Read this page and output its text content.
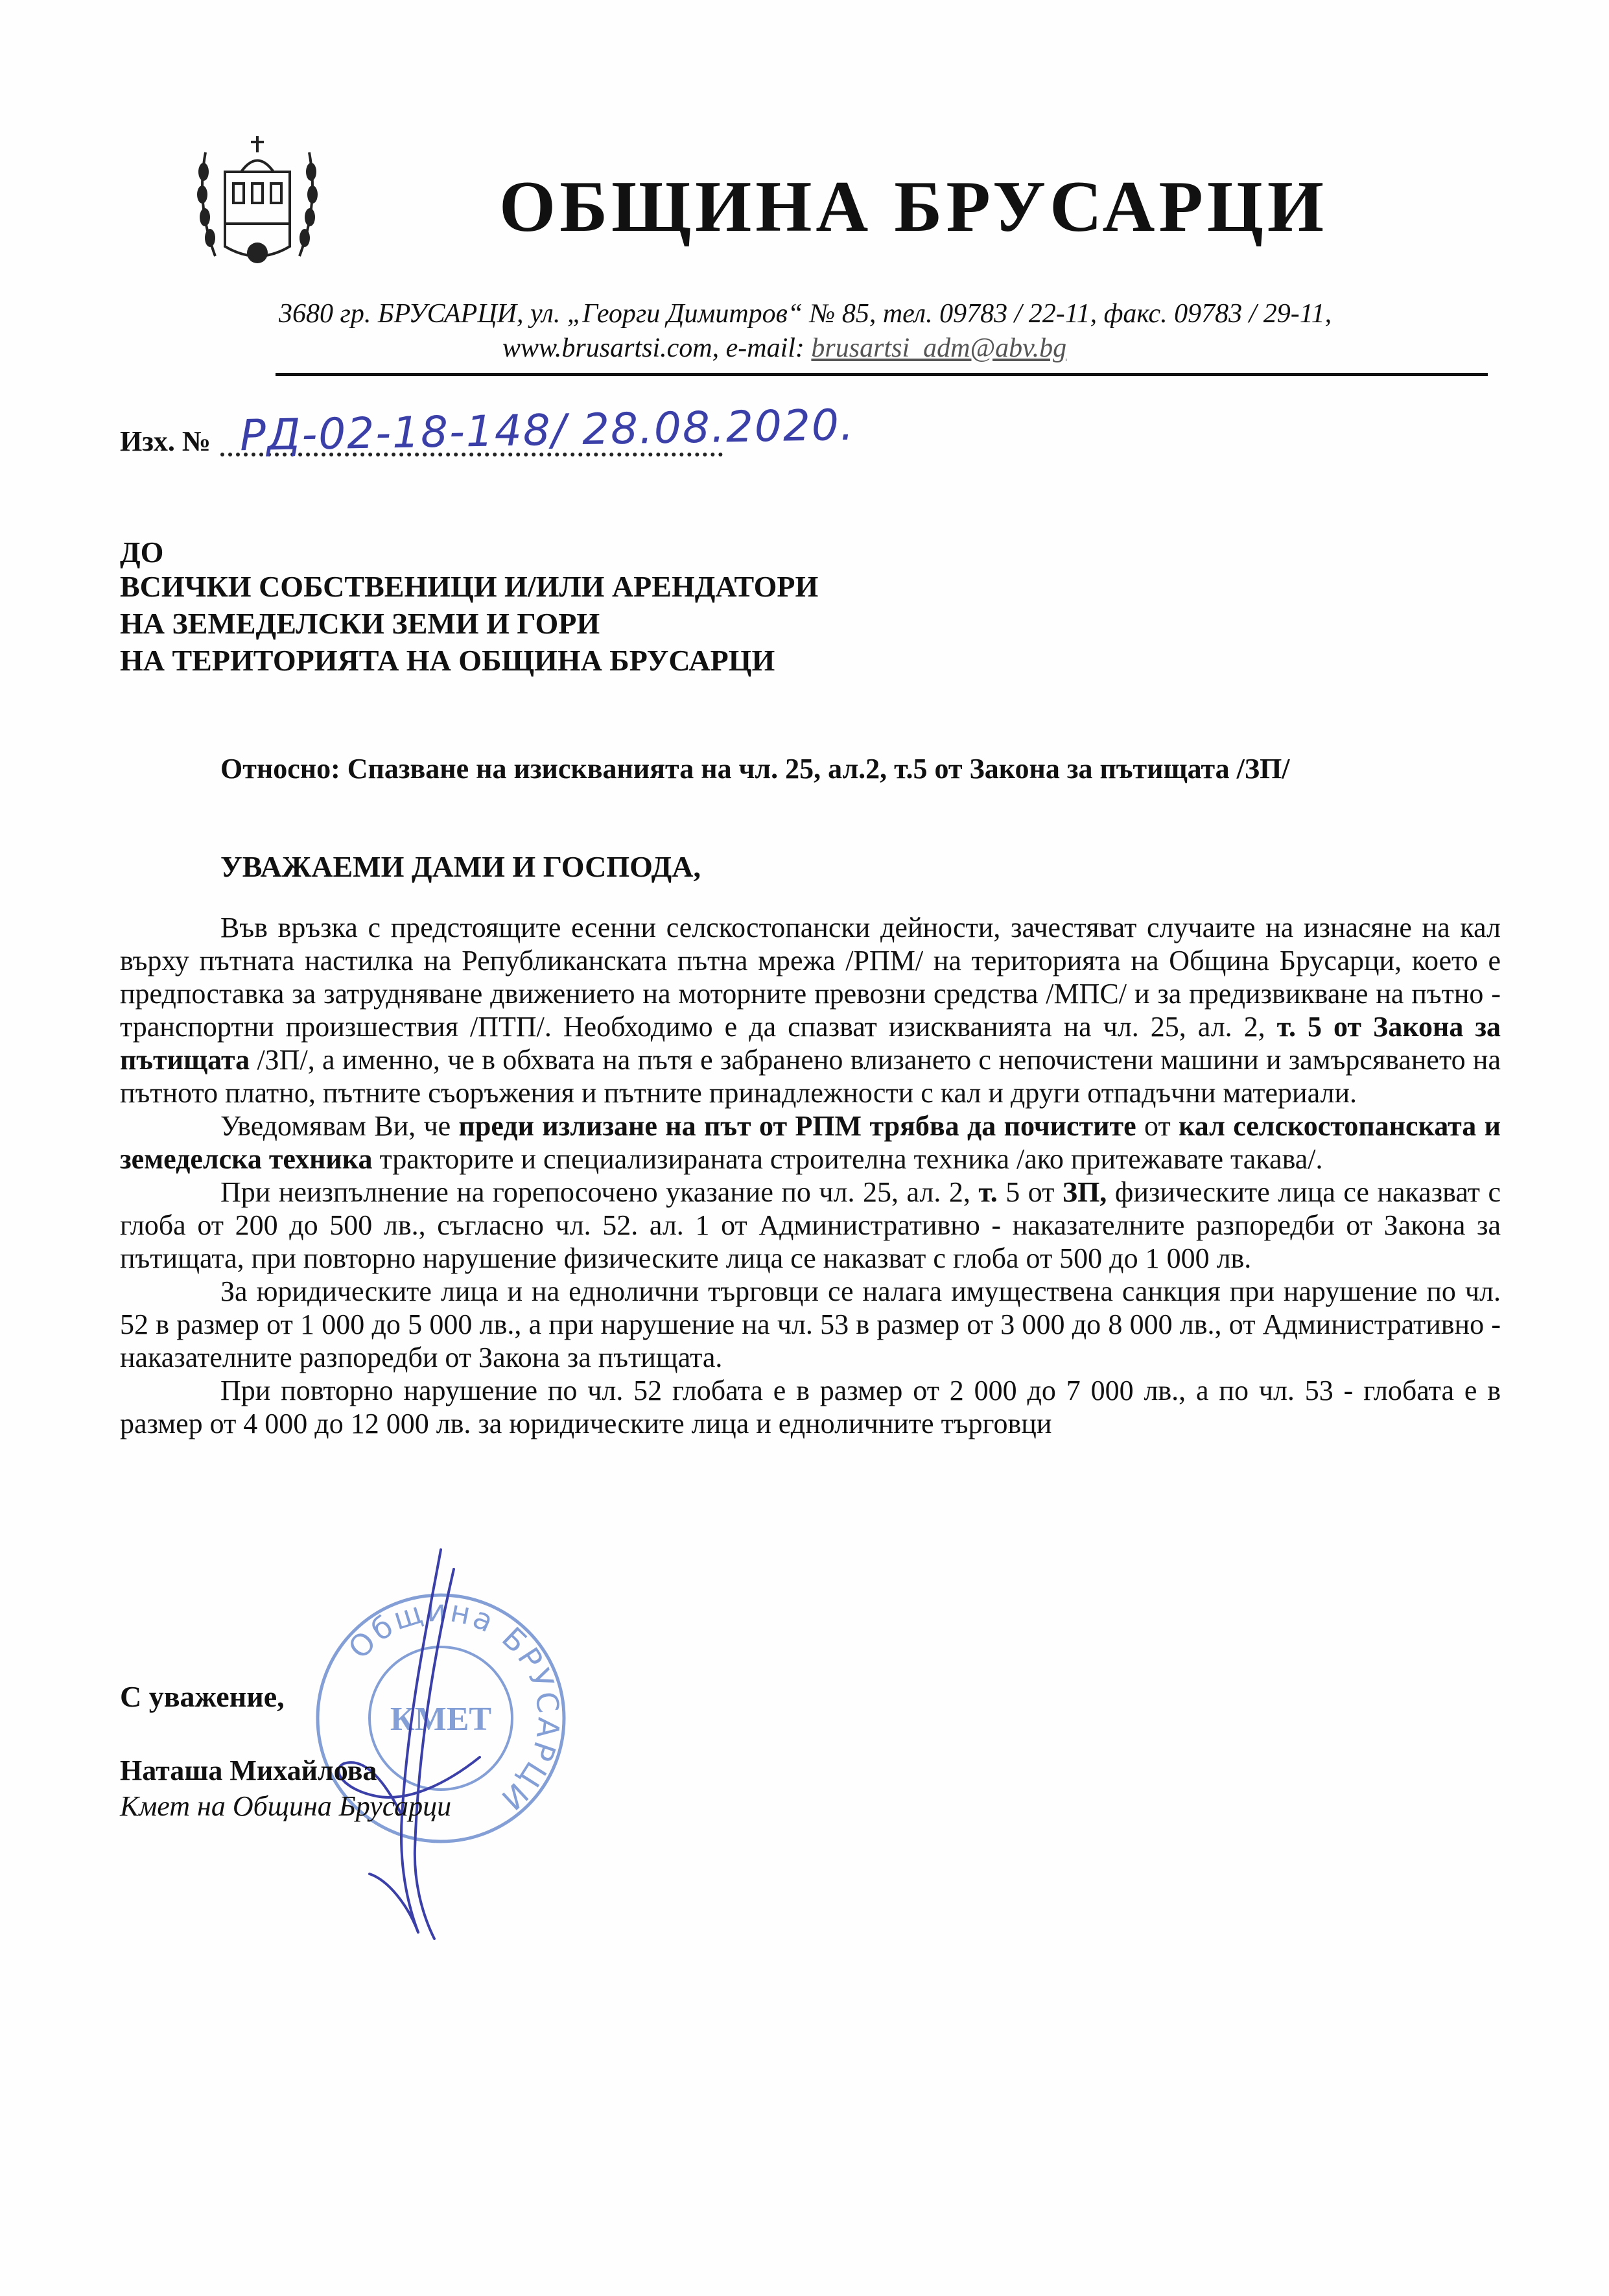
ОБЩИНА БРУСАРЦИ
3680 гр. БРУСАРЦИ, ул. „Георги Димитров“ № 85, тел. 09783 / 22-11, факс. 09783 / 29-11,
www.brusartsi.com, e-mail: brusartsi_adm@abv.bg
Изх. № РД-02-18-148/ 28.08.2020.
ДО
ВСИЧКИ СОБСТВЕНИЦИ И/ИЛИ АРЕНДАТОРИ
НА ЗЕМЕДЕЛСКИ ЗЕМИ И ГОРИ
НА ТЕРИТОРИЯТА НА ОБЩИНА БРУСАРЦИ
Относно: Спазване на изискванията на чл. 25, ал.2, т.5 от Закона за пътищата /ЗП/
УВАЖАЕМИ ДАМИ И ГОСПОДА,

Във връзка с предстоящите есенни селскостопански дейности, зачестяват случаите на изнасяне на кал върху пътната настилка на Републиканската пътна мрежа /РПМ/ на територията на Община Брусарци, което е предпоставка за затрудняване движението на моторните превозни средства /МПС/ и за предизвикване на пътно - транспортни произшествия /ПТП/. Необходимо е да спазват изискванията на чл. 25, ал. 2, т. 5 от Закона за пътищата /ЗП/, а именно, че в обхвата на пътя е забранено влизането с непочистени машини и замърсяването на пътното платно, пътните съоръжения и пътните принадлежности с кал и други отпадъчни материали.

Уведомявам Ви, че преди излизане на път от РПМ трябва да почистите от кал селскостопанската и земеделска техника тракторите и специализираната строителна техника /ако притежавате такава/.

При неизпълнение на горепосочено указание по чл. 25, ал. 2, т. 5 от ЗП, физическите лица се наказват с глоба от 200 до 500 лв., съгласно чл. 52. ал. 1 от Административно - наказателните разпоредби от Закона за пътищата, при повторно нарушение физическите лица се наказват с глоба от 500 до 1 000 лв.

За юридическите лица и на еднолични търговци се налага имуществена санкция при нарушение по чл. 52 в размер от 1 000 до 5 000 лв., а при нарушение на чл. 53 в размер от 3 000 до 8 000 лв., от Административно - наказателните разпоредби от Закона за пътищата.

При повторно нарушение по чл. 52 глобата е в размер от 2 000 до 7 000 лв., а по чл. 53 - глобата е в размер от 4 000 до 12 000 лв. за юридическите лица и едноличните търговци

Община БРУСАРЦИ
КМЕТ
С уважение,
Наташа Михайлова
Кмет на Община Брусарци
